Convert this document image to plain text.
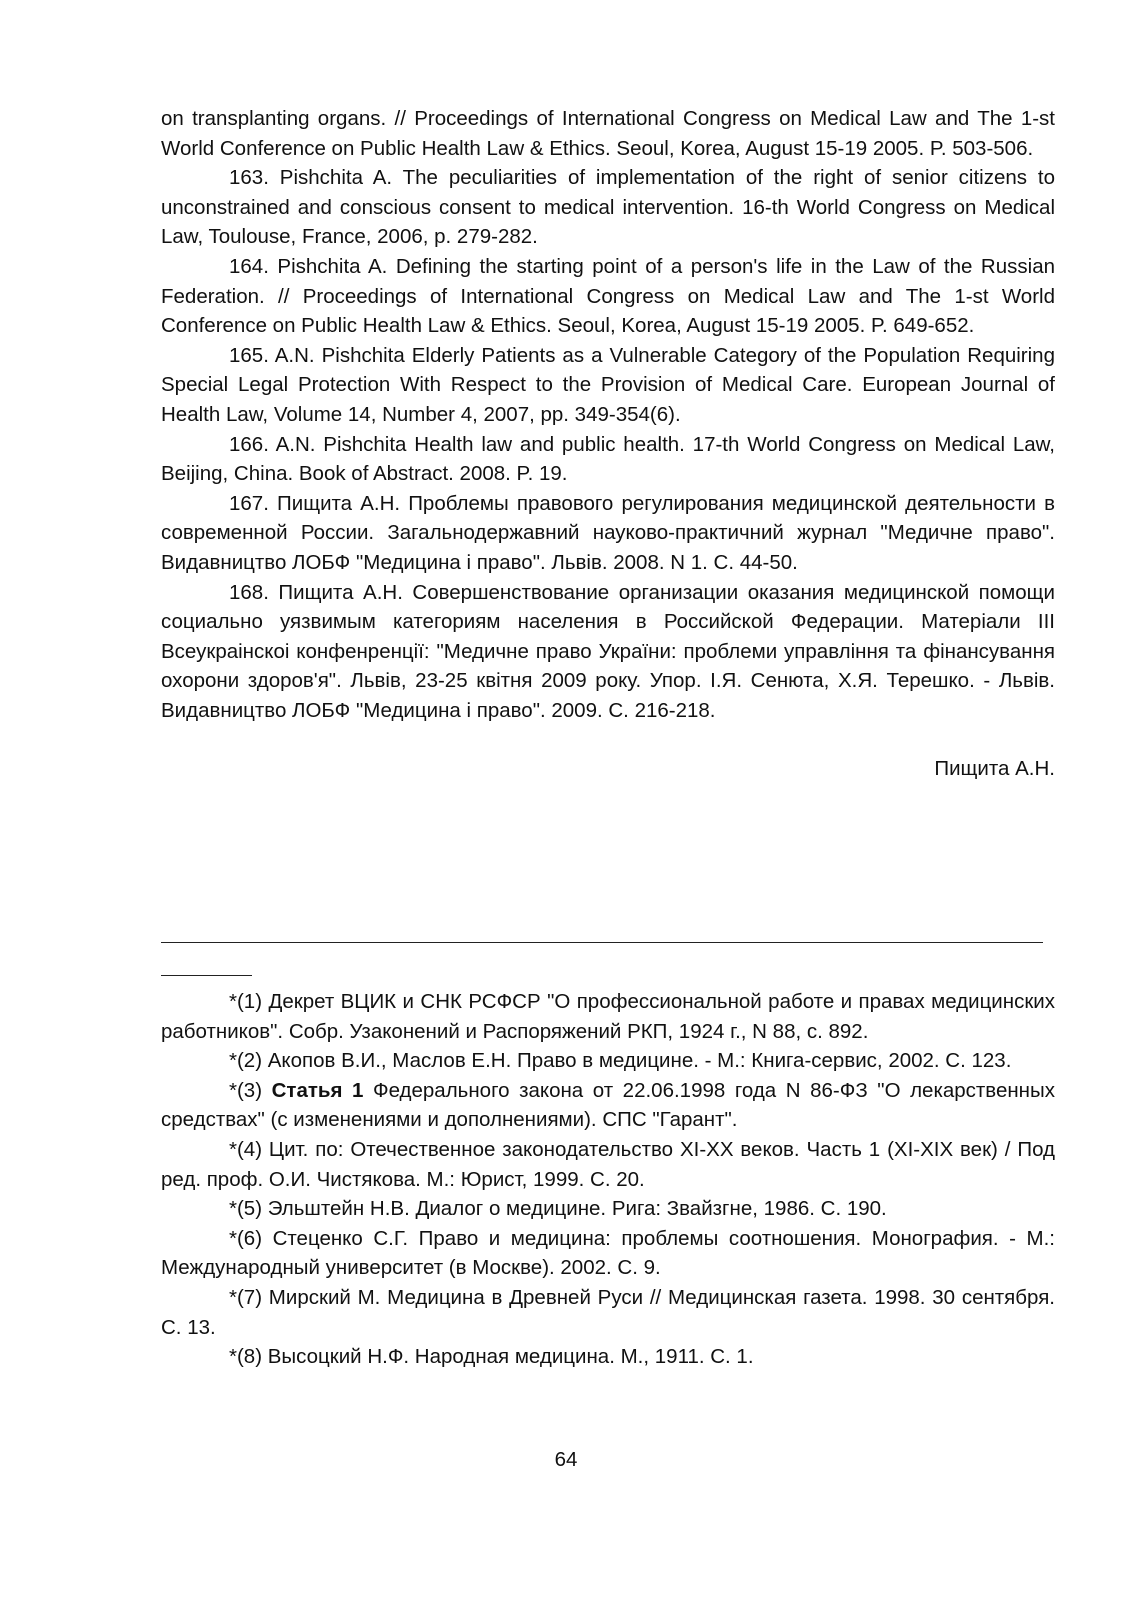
on transplanting organs. // Proceedings of International Congress on Medical Law and The 1-st World Conference on Public Health Law & Ethics. Seoul, Korea, August 15-19 2005. P. 503-506.

163. Pishchita A. The peculiarities of implementation of the right of senior citizens to unconstrained and conscious consent to medical intervention. 16-th World Congress on Medical Law, Toulouse, France, 2006, p. 279-282.

164. Pishchita A. Defining the starting point of a person's life in the Law of the Russian Federation. // Proceedings of International Congress on Medical Law and The 1-st World Conference on Public Health Law & Ethics. Seoul, Korea, August 15-19 2005. P. 649-652.

165. A.N. Pishchita Elderly Patients as a Vulnerable Category of the Population Requiring Special Legal Protection With Respect to the Provision of Medical Care. European Journal of Health Law, Volume 14, Number 4, 2007, pp. 349-354(6).

166. A.N. Pishchita Health law and public health. 17-th World Congress on Medical Law, Beijing, China. Book of Abstract. 2008. P. 19.

167. Пищита А.Н. Проблемы правового регулирования медицинской деятельности в современной России. Загальнодержавний науково-практичний журнал "Медичне право". Видавництво ЛОБФ "Медицина і право". Львів. 2008. N 1. С. 44-50.

168. Пищита А.Н. Совершенствование организации оказания медицинской помощи социально уязвимым категориям населения в Российской Федерации. Матеріали III Всеукраінскоі конфенренції: "Медичне право України: проблеми управління та фінансування охорони здоров'я". Львів, 23-25 квітня 2009 року. Упор. І.Я. Сенюта, Х.Я. Терешко. - Львів. Видавництво ЛОБФ "Медицина і право". 2009. С. 216-218.

Пищита А.Н.

*(1) Декрет ВЦИК и СНК РСФСР "О профессиональной работе и правах медицинских работников". Собр. Узаконений и Распоряжений РКП, 1924 г., N 88, с. 892.

*(2) Акопов В.И., Маслов Е.Н. Право в медицине. - М.: Книга-сервис, 2002. С. 123.

*(3) Статья 1 Федерального закона от 22.06.1998 года N 86-ФЗ "О лекарственных средствах" (с изменениями и дополнениями). СПС "Гарант".

*(4) Цит. по: Отечественное законодательство XI-XX веков. Часть 1 (XI-XIX век) / Под ред. проф. О.И. Чистякова. М.: Юрист, 1999. С. 20.

*(5) Эльштейн Н.В. Диалог о медицине. Рига: Звайзгне, 1986. С. 190.

*(6) Стеценко С.Г. Право и медицина: проблемы соотношения. Монография. - М.: Международный университет (в Москве). 2002. С. 9.

*(7) Мирский М. Медицина в Древней Руси // Медицинская газета. 1998. 30 сентября. С. 13.

*(8) Высоцкий Н.Ф. Народная медицина. М., 1911. С. 1.

64
